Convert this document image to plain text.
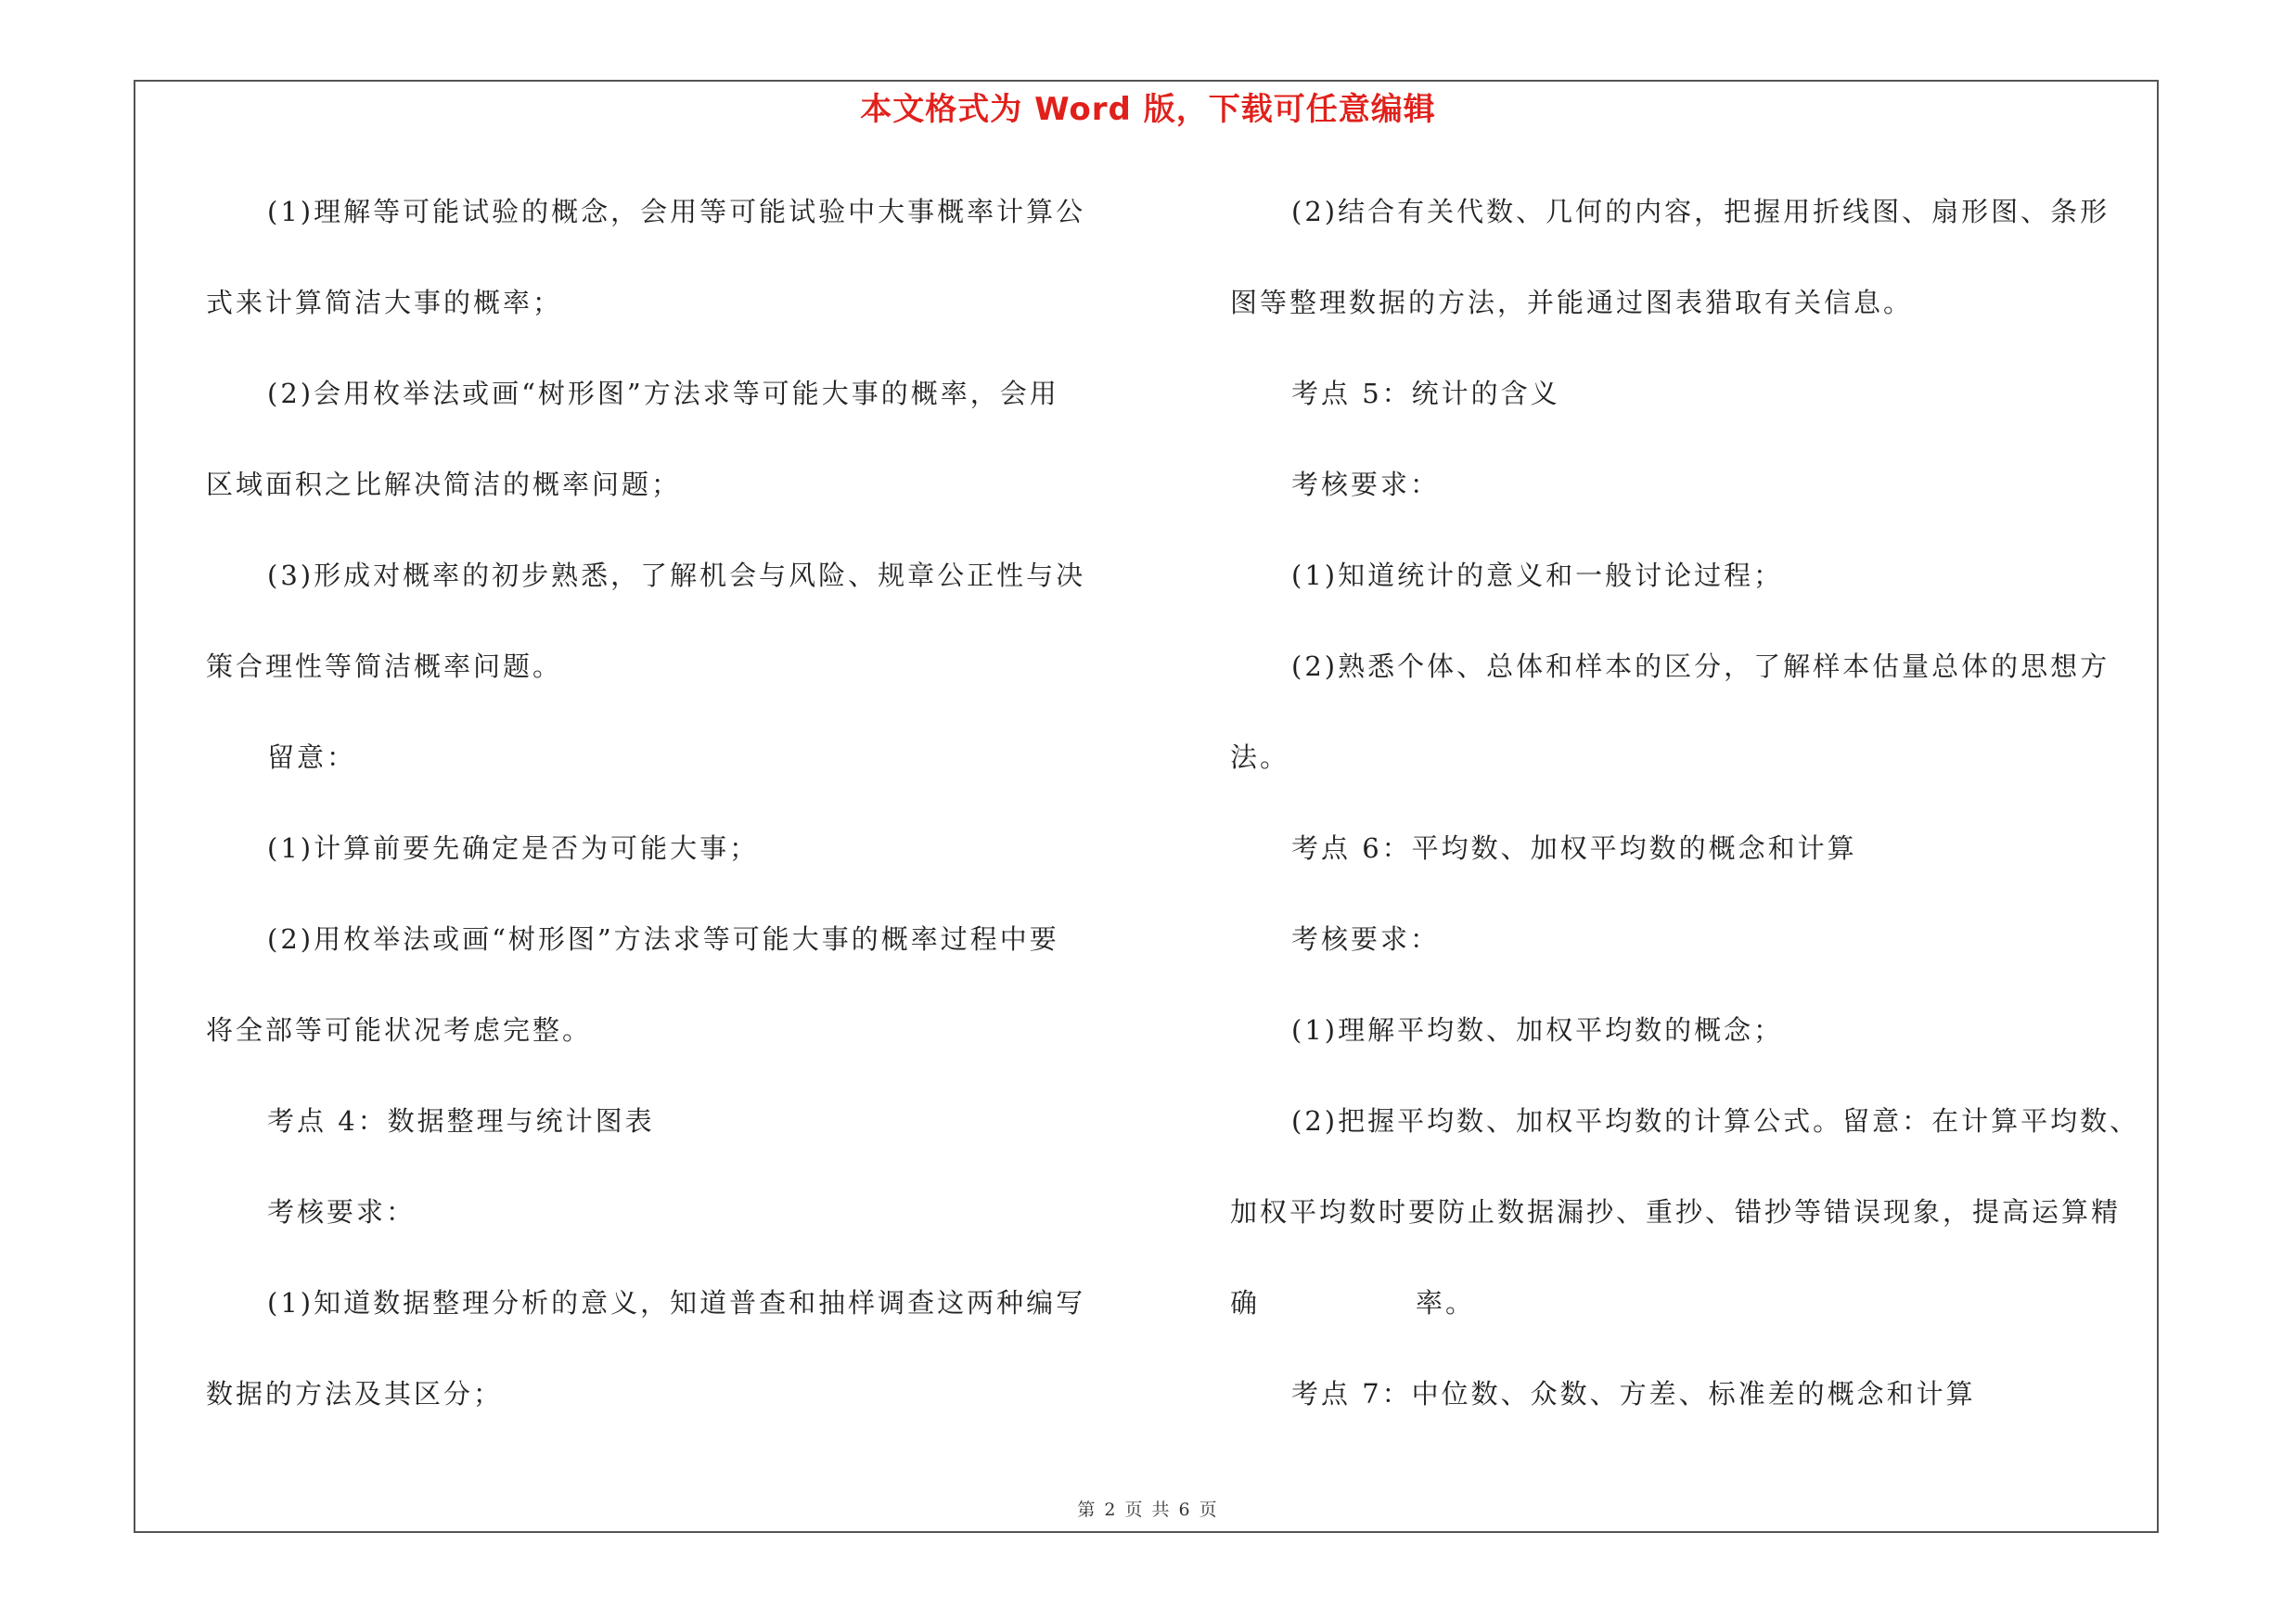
本文格式为 Word 版，下载可任意编辑
(1)理解等可能试验的概念，会用等可能试验中大事概率计算公
式来计算简洁大事的概率；
(2)会用枚举法或画“树形图”方法求等可能大事的概率，会用
区域面积之比解决简洁的概率问题；
(3)形成对概率的初步熟悉，了解机会与风险、规章公正性与决
策合理性等简洁概率问题。
留意：
(1)计算前要先确定是否为可能大事；
(2)用枚举法或画“树形图”方法求等可能大事的概率过程中要
将全部等可能状况考虑完整。
考点 4：数据整理与统计图表
考核要求：
(1)知道数据整理分析的意义，知道普查和抽样调查这两种编写
数据的方法及其区分；
(2)结合有关代数、几何的内容，把握用折线图、扇形图、条形
图等整理数据的方法，并能通过图表猎取有关信息。
考点 5：统计的含义
考核要求：
(1)知道统计的意义和一般讨论过程；
(2)熟悉个体、总体和样本的区分，了解样本估量总体的思想方
法。
考点 6：平均数、加权平均数的概念和计算
考核要求：
(1)理解平均数、加权平均数的概念；
(2)把握平均数、加权平均数的计算公式。留意：在计算平均数、
加权平均数时要防止数据漏抄、重抄、错抄等错误现象，提高运算精
确	率。
考点 7：中位数、众数、方差、标准差的概念和计算
第 2 页 共 6 页
